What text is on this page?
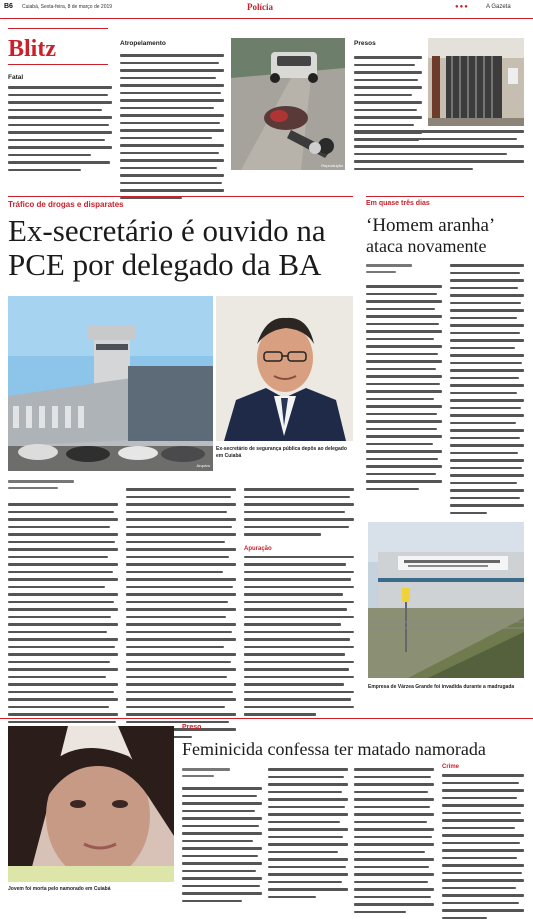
B6 Cuiabá, Sexta-feira, 8 de março de 2019	Polícia	●●●	A Gazeta
Blitz
Fatal
Atropelamento
Reprodução
Presos
Tráfico de drogas e disparates
Ex-secretário é ouvido na PCE por delegado da BA
Arquivo
Ex-secretário de segurança pública depôs ao delegado em Cuiabá
Apuração
Em quase três dias
‘Homem aranha’
ataca novamente
Empresa de Várzea Grande foi invadida durante a madrugada
Jovem foi morta pelo namorado em Cuiabá
Preso
Feminicida confessa ter matado namorada
Crime
